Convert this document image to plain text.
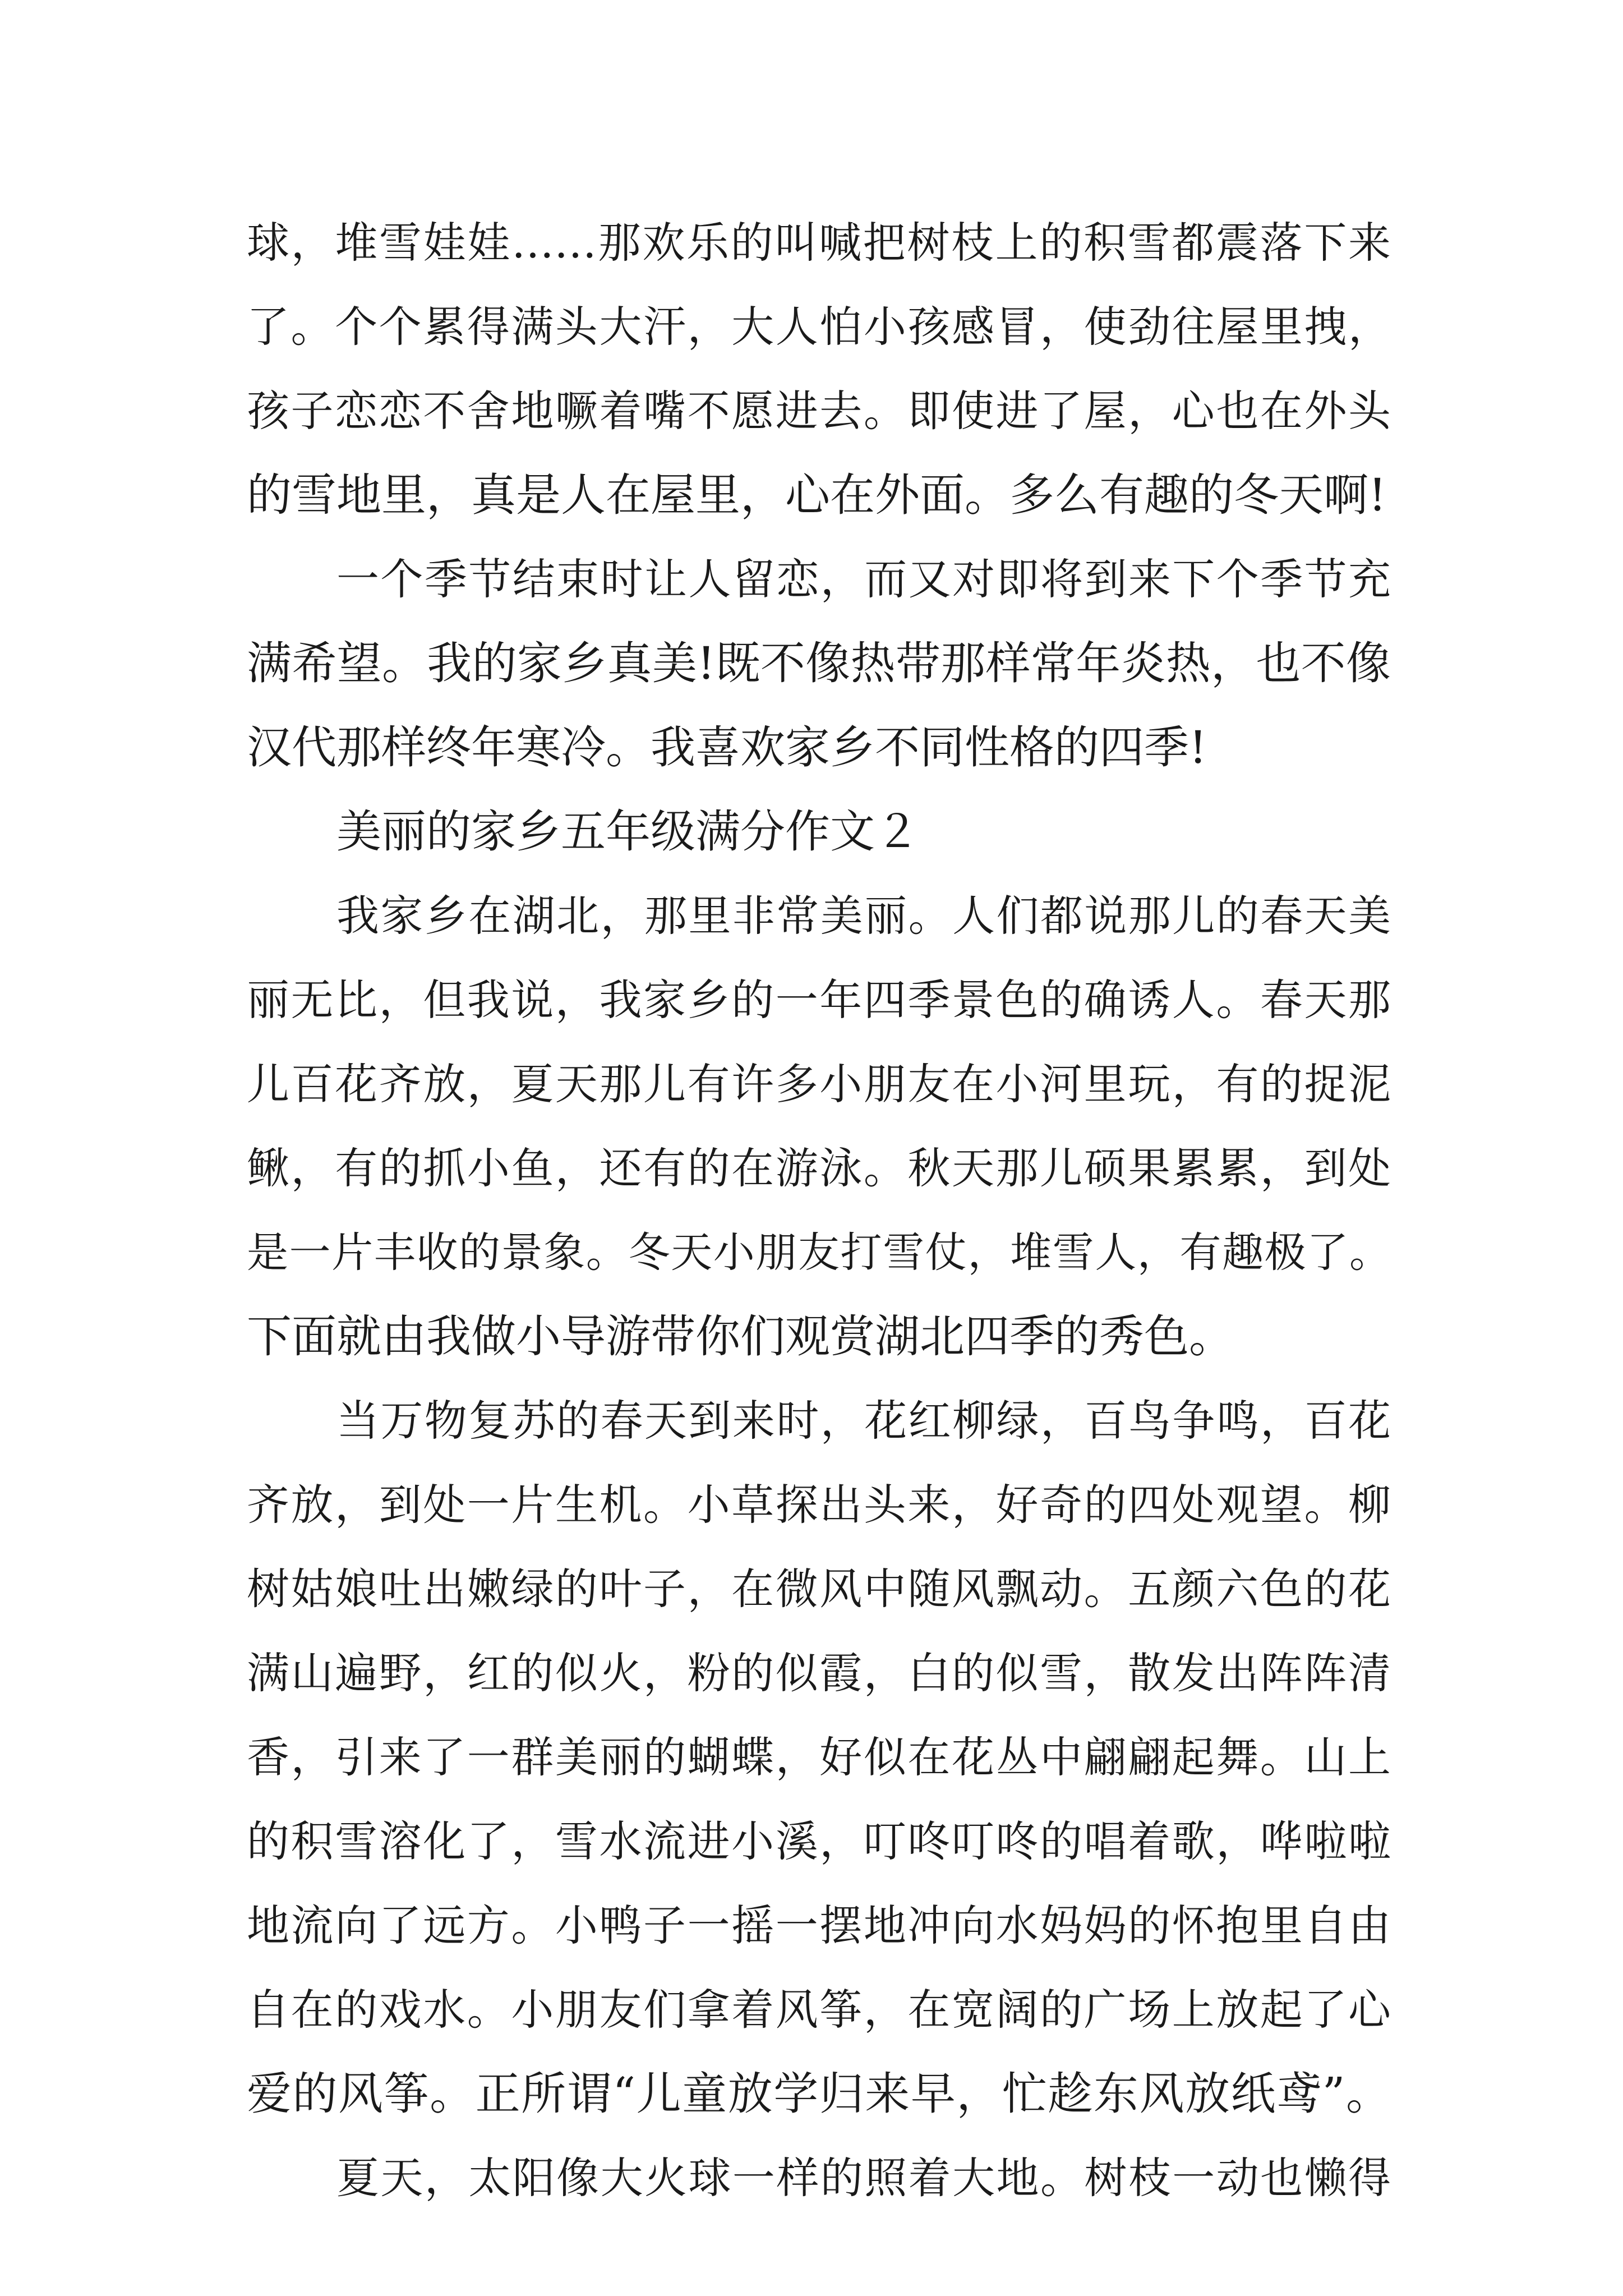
球，堆雪娃娃……那欢乐的叫喊把树枝上的积雪都震落下来
了。个个累得满头大汗，大人怕小孩感冒，使劲往屋里拽，
孩子恋恋不舍地噘着嘴不愿进去。即使进了屋，心也在外头
的雪地里，真是人在屋里，心在外面。多么有趣的冬天啊!
一个季节结束时让人留恋，而又对即将到来下个季节充
满希望。我的家乡真美!既不像热带那样常年炎热，也不像
汉代那样终年寒冷。我喜欢家乡不同性格的四季!
美丽的家乡五年级满分作文２
我家乡在湖北，那里非常美丽。人们都说那儿的春天美
丽无比，但我说，我家乡的一年四季景色的确诱人。春天那
儿百花齐放，夏天那儿有许多小朋友在小河里玩，有的捉泥
鳅，有的抓小鱼，还有的在游泳。秋天那儿硕果累累，到处
是一片丰收的景象。冬天小朋友打雪仗，堆雪人，有趣极了。
下面就由我做小导游带你们观赏湖北四季的秀色。
当万物复苏的春天到来时，花红柳绿，百鸟争鸣，百花
齐放，到处一片生机。小草探出头来，好奇的四处观望。柳
树姑娘吐出嫩绿的叶子，在微风中随风飘动。五颜六色的花
满山遍野，红的似火，粉的似霞，白的似雪，散发出阵阵清
香，引来了一群美丽的蝴蝶，好似在花丛中翩翩起舞。山上
的积雪溶化了，雪水流进小溪，叮咚叮咚的唱着歌，哗啦啦
地流向了远方。小鸭子一摇一摆地冲向水妈妈的怀抱里自由
自在的戏水。小朋友们拿着风筝，在宽阔的广场上放起了心
爱的风筝。正所谓“儿童放学归来早，忙趁东风放纸鸢”。
夏天，太阳像大火球一样的照着大地。树枝一动也懒得
